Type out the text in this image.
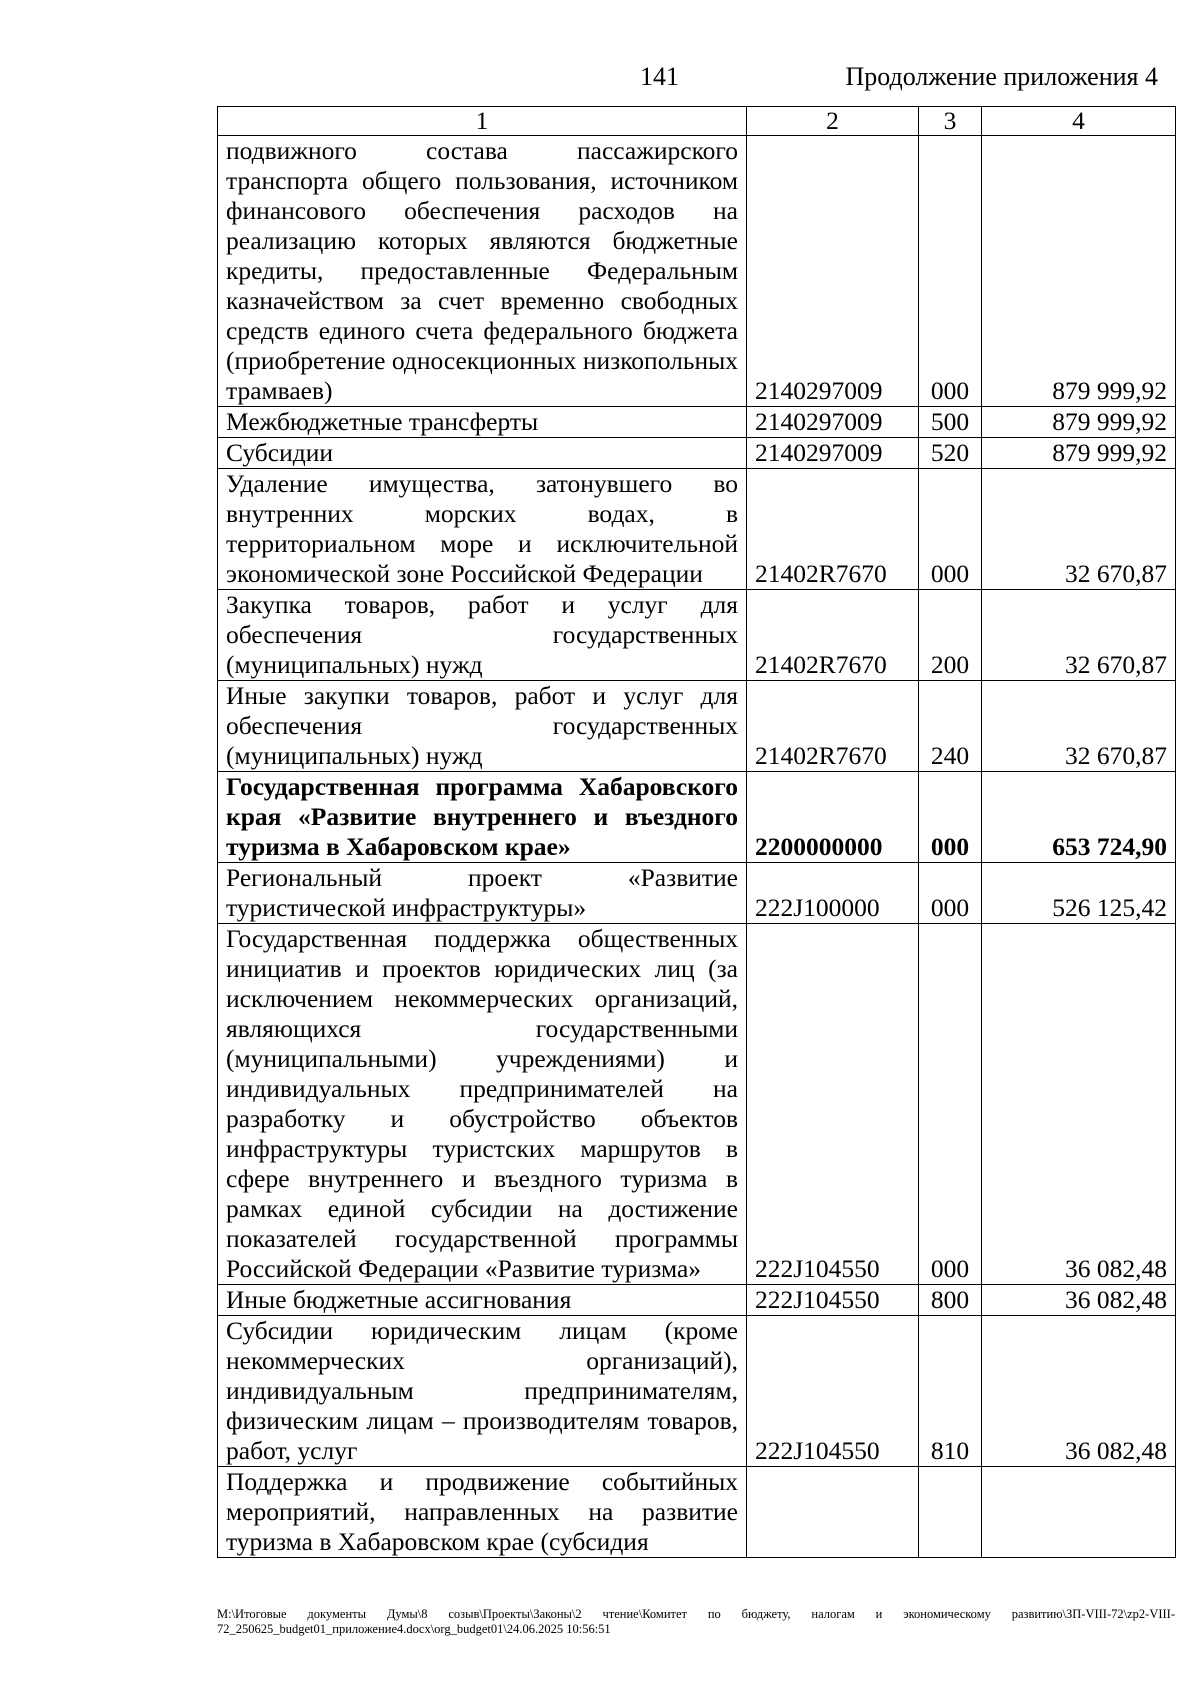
141	Продолжение приложения 4
1	2	3	4
подвижного состава пассажирского транспорта общего пользования, источником финансового обеспечения расходов на реализацию которых являются бюджетные кредиты, предоставленные Федеральным казначейством за счет временно свободных средств единого счета федерального бюджета (приобретение односекционных низкопольных трамваев)	2140297009	000	879 999,92
Межбюджетные трансферты	2140297009	500	879 999,92
Субсидии	2140297009	520	879 999,92
Удаление имущества, затонувшего во внутренних морских водах, в территориальном море и исключительной экономической зоне Российской Федерации	21402R7670	000	32 670,87
Закупка товаров, работ и услуг для обеспечения государственных (муниципальных) нужд	21402R7670	200	32 670,87
Иные закупки товаров, работ и услуг для обеспечения государственных (муниципальных) нужд	21402R7670	240	32 670,87
Государственная программа Хабаровского края «Развитие внутреннего и въездного туризма в Хабаровском крае»	2200000000	000	653 724,90
Региональный проект «Развитие туристической инфраструктуры»	222J100000	000	526 125,42
Государственная поддержка общественных инициатив и проектов юридических лиц (за исключением некоммерческих организаций, являющихся государственными (муниципальными) учреждениями) и индивидуальных предпринимателей на разработку и обустройство объектов инфраструктуры туристских маршрутов в сфере внутреннего и въездного туризма в рамках единой субсидии на достижение показателей государственной программы Российской Федерации «Развитие туризма»	222J104550	000	36 082,48
Иные бюджетные ассигнования	222J104550	800	36 082,48
Субсидии юридическим лицам (кроме некоммерческих организаций), индивидуальным предпринимателям, физическим лицам – производителям товаров, работ, услуг	222J104550	810	36 082,48
Поддержка и продвижение событийных мероприятий, направленных на развитие туризма в Хабаровском крае (субсидия			
M:\Итоговые документы Думы\8 созыв\Проекты\Законы\2 чтение\Комитет по бюджету, налогам и экономическому развитию\ЗП-VIII-72\zp2-VIII-72_250625_budget01_приложение4.docx\org_budget01\24.06.2025 10:56:51
